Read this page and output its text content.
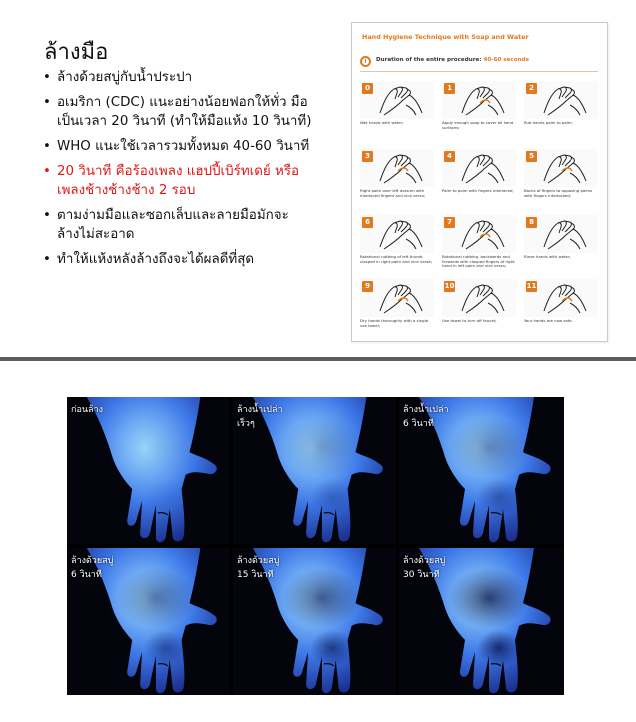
ล้างมือ
• ล้างด้วยสบู่กับน้ำประปา
• อเมริกา (CDC) แนะอย่างน้อยฟอกให้ทั่ว มือเป็นเวลา 20 วินาที (ทำให้มือแห้ง 10 วินาที)
• WHO แนะใช้เวลารวมทั้งหมด 40-60 วินาที
• 20 วินาที คือร้องเพลง แฮปปี้เบิร์ทเดย์ หรือเพลงช้างช้างช้าง 2 รอบ
• ตามง่ามมือและซอกเล็บและลายมือมักจะ ล้างไม่สะอาด
• ทำให้แห้งหลังล้างถึงจะได้ผลดีที่สุด
Hand Hygiene Technique with Soap and Water
Duration of the entire procedure: 40-60 seconds
0
Wet hands with water;
1
Apply enough soap to cover all hand surfaces;
2
Rub hands palm to palm;
3
Right palm over left dorsum with interlaced fingers and vice versa;
4
Palm to palm with fingers interlaced;
5
Backs of fingers to opposing palms with fingers interlocked;
6
Rotational rubbing of left thumb clasped in right palm and vice versa;
7
Rotational rubbing, backwards and forwards with clasped fingers of right hand in left palm and vice versa;
8
Rinse hands with water;
9
Dry hands thoroughly with a single use towel;
10
Use towel to turn off faucet;
11
Your hands are now safe.
ก่อนล้าง	ล้างน้ำเปล่า
เร็วๆ
ล้างน้ำเปล่า
6 วินาที
ล้างด้วยสบู่
6 วินาที
ล้างด้วยสบู่
15 วินาที
ล้างด้วยสบู่
30 วินาที
